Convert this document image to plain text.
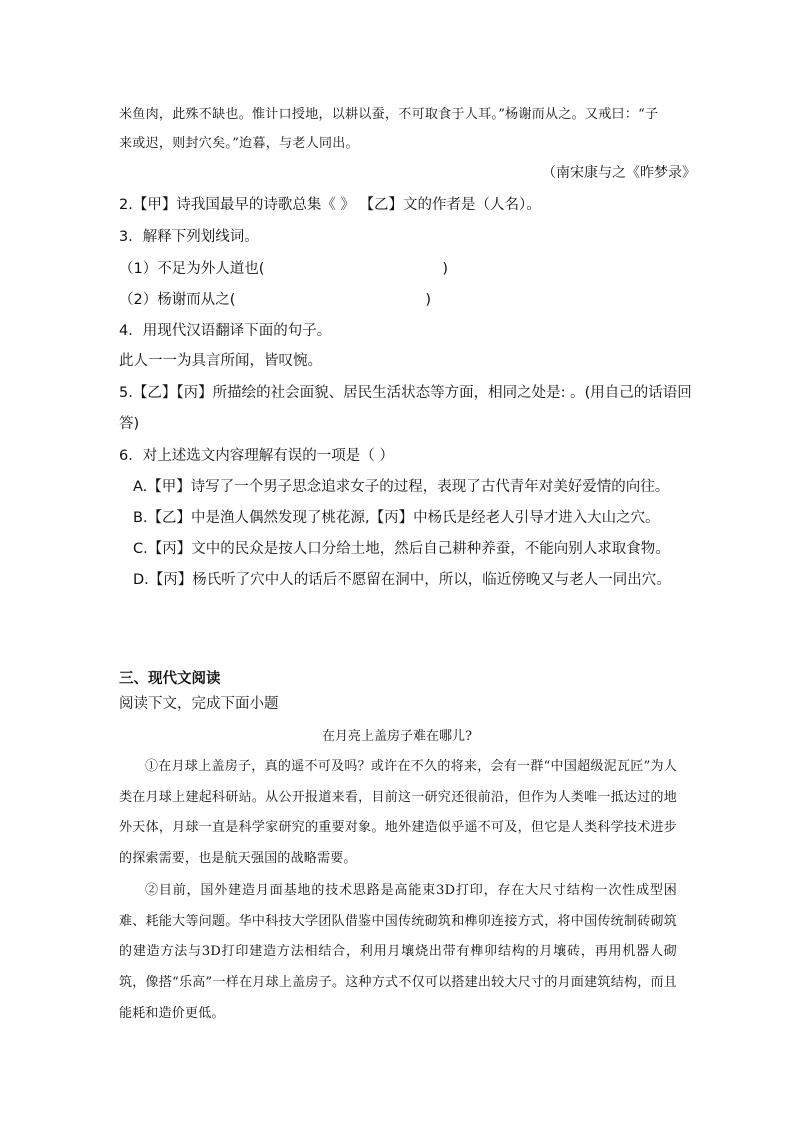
米鱼肉，此殊不缺也。惟计口授地，以耕以蚕，不可取食于人耳。”杨谢而从之。又戒曰：“子
来或迟，则封穴矣。”迨暮，与老人同出。
（南宋康与之《昨梦录》
2.【甲】诗我国最早的诗歌总集《 》 【乙】文的作者是（人名）。
3．解释下列划线词。
（1）不足为外人道也(	)
（2）杨谢而从之(	)
4．用现代汉语翻译下面的句子。
此人一一为具言所闻，皆叹惋。
5.【乙】【丙】所描绘的社会面貌、居民生活状态等方面，相同之处是: 。(用自己的话语回
答)
6．对上述选文内容理解有误的一项是（ ）
A.【甲】诗写了一个男子思念追求女子的过程，表现了古代青年对美好爱情的向往。
B.【乙】中是渔人偶然发现了桃花源,【丙】中杨氏是经老人引导才进入大山之穴。
C.【丙】文中的民众是按人口分给土地，然后自己耕种养蚕，不能向别人求取食物。
D.【丙】杨氏听了穴中人的话后不愿留在洞中，所以，临近傍晚又与老人一同出穴。
三、现代文阅读
阅读下文，完成下面小题
在月亮上盖房子难在哪儿?
①在月球上盖房子，真的遥不可及吗？或许在不久的将来，会有一群“中国超级泥瓦匠”为人类在月球上建起科研站。从公开报道来看，目前这一研究还很前沿，但作为人类唯一抵达过的地外天体，月球一直是科学家研究的重要对象。地外建造似乎遥不可及，但它是人类科学技术进步的探索需要，也是航天强国的战略需要。
②目前，国外建造月面基地的技术思路是高能束3D打印，存在大尺寸结构一次性成型困难、耗能大等问题。华中科技大学团队借鉴中国传统砌筑和榫卯连接方式，将中国传统制砖砌筑的建造方法与3D打印建造方法相结合，利用月壤烧出带有榫卯结构的月壤砖，再用机器人砌筑，像搭“乐高”一样在月球上盖房子。这种方式不仅可以搭建出较大尺寸的月面建筑结构，而且能耗和造价更低。
